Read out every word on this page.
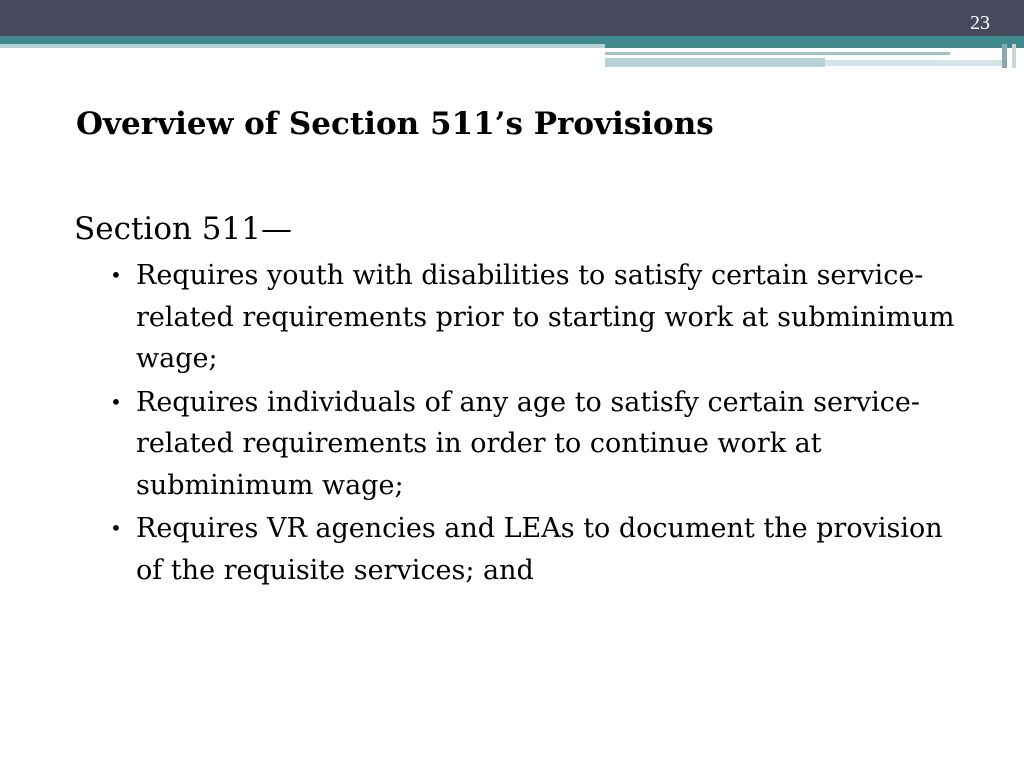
23
Overview of Section 511’s Provisions

Section 511—

• Requires youth with disabilities to satisfy certain service-related requirements prior to starting work at subminimum wage;
• Requires individuals of any age to satisfy certain service-related requirements in order to continue work at subminimum wage;
• Requires VR agencies and LEAs to document the provision of the requisite services; and
